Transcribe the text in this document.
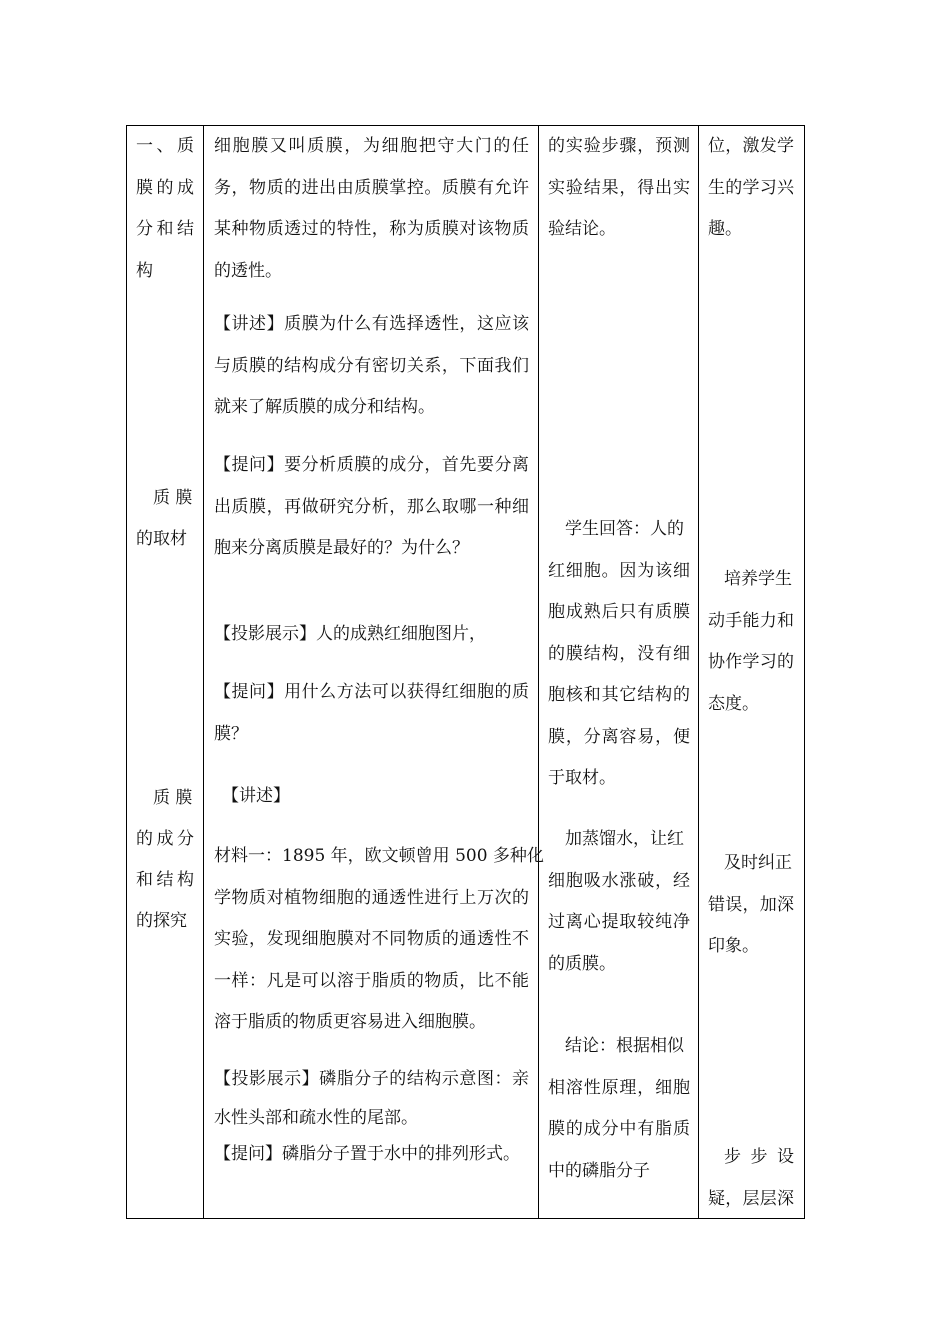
一、质
膜的成
分和结
构
质 膜
的取材
质 膜
的成分
和结构
的探究

细胞膜又叫质膜，为细胞把守大门的任
务，物质的进出由质膜掌控。质膜有允许
某种物质透过的特性，称为质膜对该物质
的透性。
【讲述】质膜为什么有选择透性，这应该
与质膜的结构成分有密切关系，下面我们
就来了解质膜的成分和结构。
【提问】要分析质膜的成分，首先要分离
出质膜，再做研究分析，那么取哪一种细
胞来分离质膜是最好的？为什么？
【投影展示】人的成熟红细胞图片，
【提问】用什么方法可以获得红细胞的质
膜？
【讲述】
材料一：1895 年，欧文顿曾用 500 多种化
学物质对植物细胞的通透性进行上万次的
实验，发现细胞膜对不同物质的通透性不
一样：凡是可以溶于脂质的物质，比不能
溶于脂质的物质更容易进入细胞膜。
【投影展示】磷脂分子的结构示意图：亲
水性头部和疏水性的尾部。
【提问】磷脂分子置于水中的排列形式。

的实验步骤，预测
实验结果，得出实
验结论。
学生回答：人的
红细胞。因为该细
胞成熟后只有质膜
的膜结构，没有细
胞核和其它结构的
膜，分离容易，便
于取材。
加蒸馏水，让红
细胞吸水涨破，经
过离心提取较纯净
的质膜。
结论：根据相似
相溶性原理，细胞
膜的成分中有脂质
中的磷脂分子

位，激发学
生的学习兴
趣。
培养学生
动手能力和
协作学习的
态度。
及时纠正
错误，加深
印象。
步 步 设
疑，层层深
